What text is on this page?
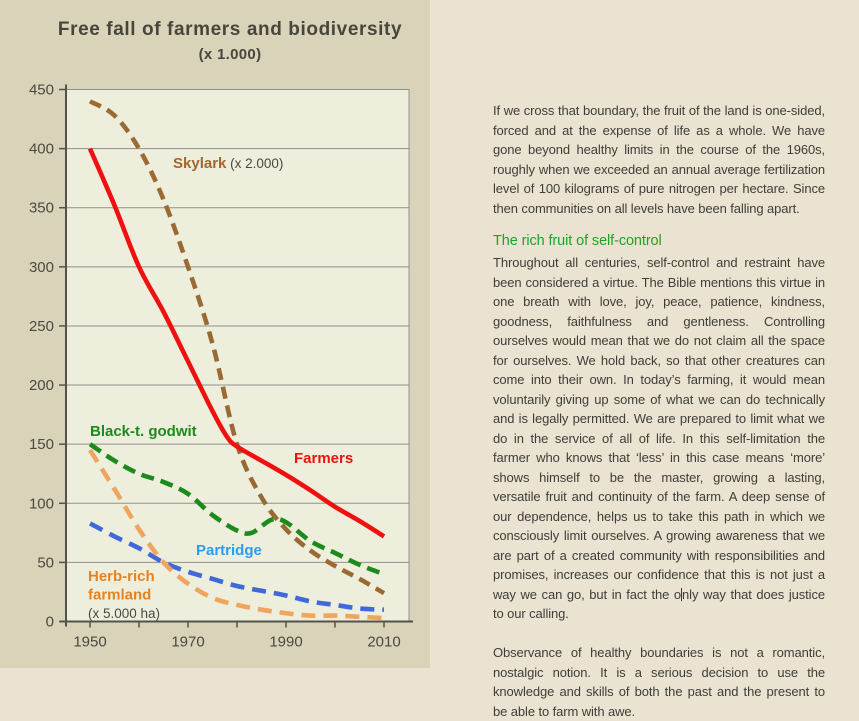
Free fall of farmers and biodiversity
(x 1.000)
0
50
100
150
200
250
300
350
400
450
1950	1970	1990	2010
Skylark (x 2.000)
Black-t. godwit
Farmers
Partridge
Herb-rich
farmland
(x 5.000 ha)

If we cross that boundary, the fruit of the land is one-sided, forced and at the expense of life as a whole. We have gone beyond healthy limits in the course of the 1960s, roughly when we exceeded an annual average fertilization level of 100 kilograms of pure nitrogen per hectare. Since then communities on all levels have been falling apart.

The rich fruit of self-control

Throughout all centuries, self-control and restraint have been considered a virtue. The Bible mentions this virtue in one breath with love, joy, peace, patience, kindness, goodness, faithfulness and gentleness. Controlling ourselves would mean that we do not claim all the space for ourselves. We hold back, so that other creatures can come into their own. In today’s farming, it would mean voluntarily giving up some of what we can do technically and is legally permitted. We are prepared to limit what we do in the service of all of life. In this self-limitation the farmer who knows that ‘less’ in this case means ‘more’ shows himself to be the master, growing a lasting, versatile fruit and continuity of the farm. A deep sense of our dependence, helps us to take this path in which we consciously limit ourselves. A growing awareness that we are part of a created community with responsibilities and promises, increases our confidence that this is not just a way we can go, but in fact the only way that does justice to our calling.

Observance of healthy boundaries is not a romantic, nostalgic notion. It is a serious decision to use the knowledge and skills of both the past and the present to be able to farm with awe.
